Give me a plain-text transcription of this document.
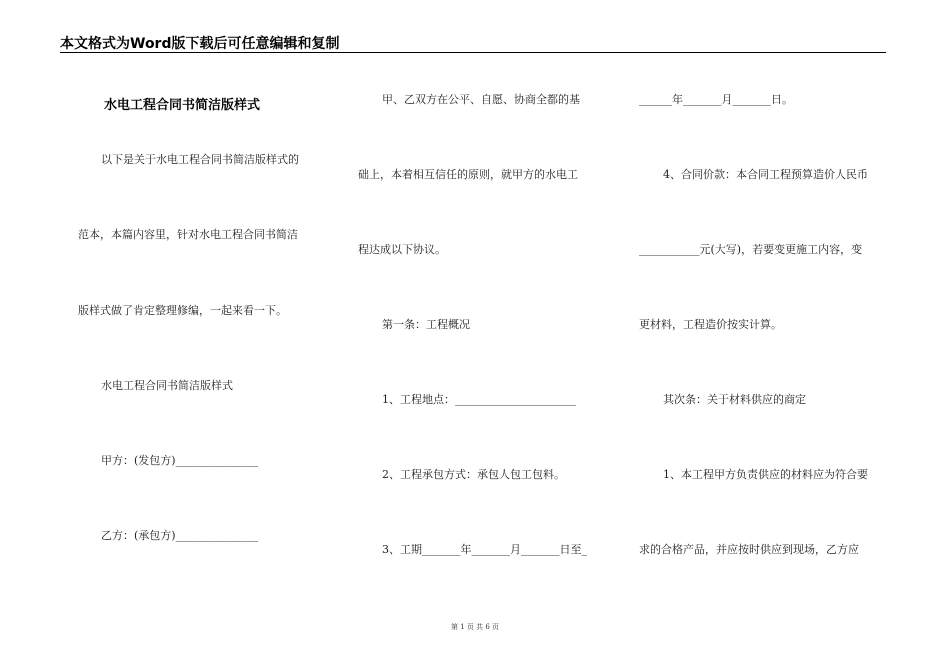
本文格式为Word版下载后可任意编辑和复制
水电工程合同书简洁版样式
以下是关于水电工程合同书简洁版样式的
范本，本篇内容里，针对水电工程合同书简洁
版样式做了肯定整理修编，一起来看一下。
水电工程合同书简洁版样式
甲方：(发包方)_______________
乙方：(承包方)_______________
甲、乙双方在公平、自愿、协商全都的基
础上，本着相互信任的原则，就甲方的水电工
程达成以下协议。
第一条：工程概况
1、工程地点：______________________
2、工程承包方式：承包人包工包料。
3、工期_______年_______月_______日至_
______年_______月_______日。
4、合同价款：本合同工程预算造价人民币
___________元(大写)，若要变更施工内容，变
更材料，工程造价按实计算。
其次条：关于材料供应的商定
1、本工程甲方负责供应的材料应为符合要
求的合格产品，并应按时供应到现场，乙方应
第 1 页 共 6 页
